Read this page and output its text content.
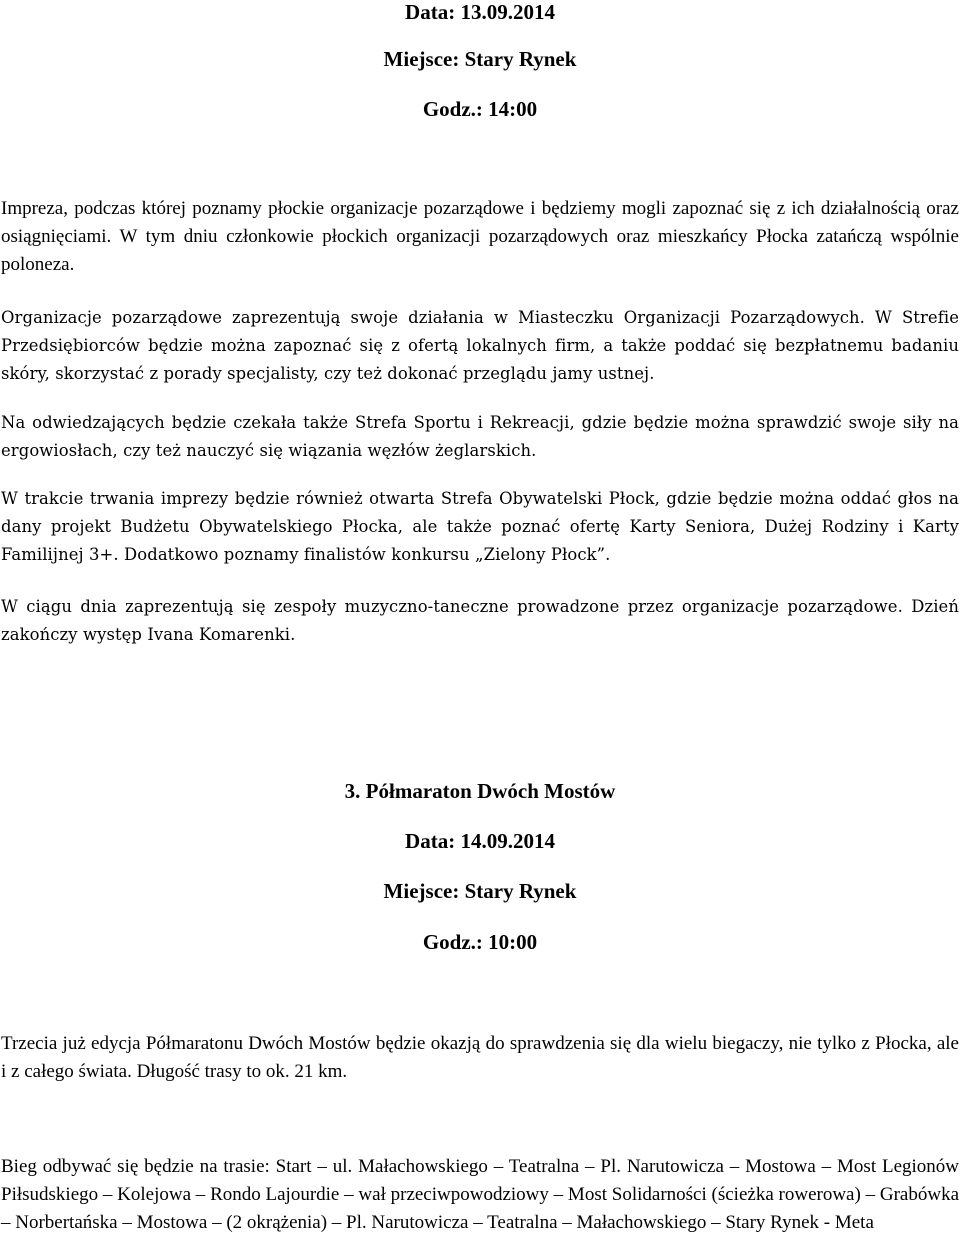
Data: 13.09.2014

Miejsce: Stary Rynek

Godz.: 14:00

Impreza, podczas której poznamy płockie organizacje pozarządowe i będziemy mogli zapoznać się z ich działalnością oraz osiągnięciami. W tym dniu członkowie płockich organizacji pozarządowych oraz mieszkańcy Płocka zatańczą wspólnie poloneza.

Organizacje pozarządowe zaprezentują swoje działania w Miasteczku Organizacji Pozarządowych. W Strefie Przedsiębiorców będzie można zapoznać się z ofertą lokalnych firm, a także poddać się bezpłatnemu badaniu skóry, skorzystać z porady specjalisty, czy też dokonać przeglądu jamy ustnej.

Na odwiedzających będzie czekała także Strefa Sportu i Rekreacji, gdzie będzie można sprawdzić swoje siły na ergowiosłach, czy też nauczyć się wiązania węzłów żeglarskich.

W trakcie trwania imprezy będzie również otwarta Strefa Obywatelski Płock, gdzie będzie można oddać głos na dany projekt Budżetu Obywatelskiego Płocka, ale także poznać ofertę Karty Seniora, Dużej Rodziny i Karty Familijnej 3+. Dodatkowo poznamy finalistów konkursu „Zielony Płock”.

W ciągu dnia zaprezentują się zespoły muzyczno-taneczne prowadzone przez organizacje pozarządowe. Dzień zakończy występ Ivana Komarenki.

3. Półmaraton Dwóch Mostów

Data: 14.09.2014

Miejsce: Stary Rynek

Godz.: 10:00

Trzecia już edycja Półmaratonu Dwóch Mostów będzie okazją do sprawdzenia się dla wielu biegaczy, nie tylko z Płocka, ale i z całego świata. Długość trasy to ok. 21 km.

Bieg odbywać się będzie na trasie: Start – ul. Małachowskiego – Teatralna – Pl. Narutowicza – Mostowa – Most Legionów Piłsudskiego – Kolejowa – Rondo Lajourdie – wał przeciwpowodziowy – Most Solidarności (ścieżka rowerowa) – Grabówka – Norbertańska – Mostowa – (2 okrążenia) – Pl. Narutowicza – Teatralna – Małachowskiego – Stary Rynek - Meta
